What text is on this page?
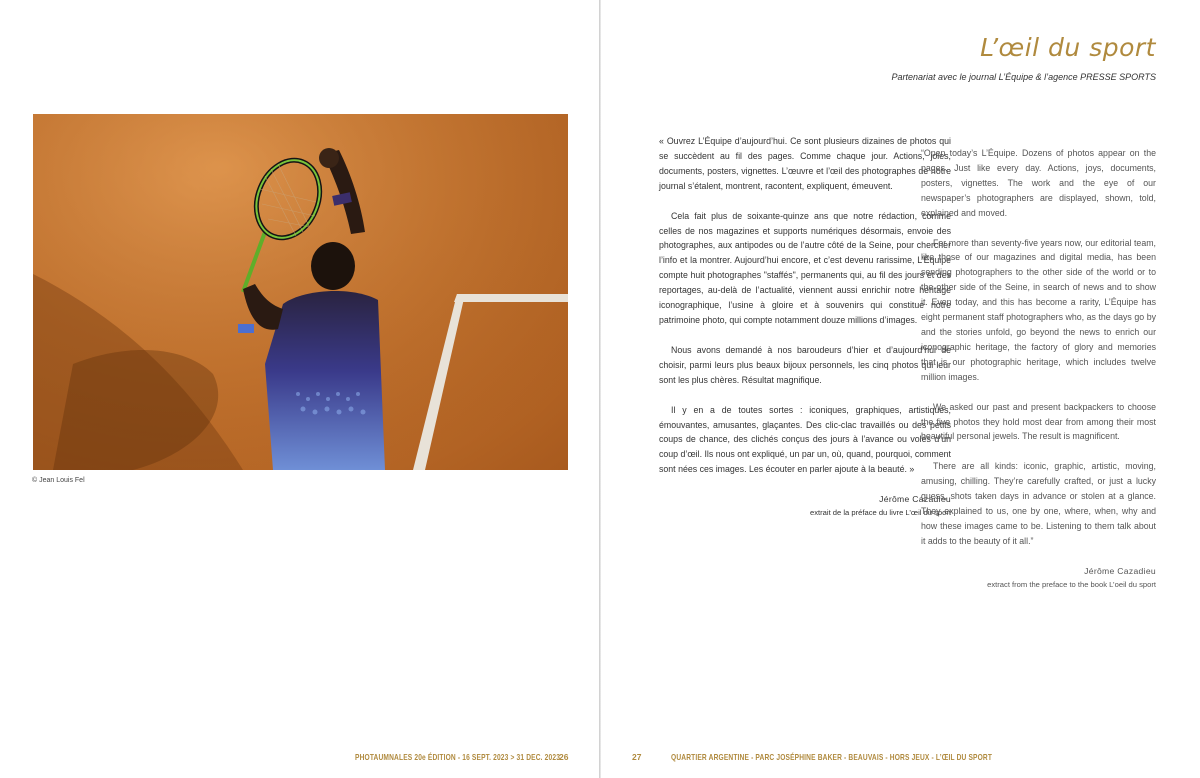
© Jean Louis Fel
PHOTAUMNALES 20e ÉDITION - 16 SEPT. 2023 > 31 DEC. 2023
26
L’œil du sport

Partenariat avec le journal L’Équipe & l’agence PRESSE SPORTS

« Ouvrez L’Équipe d’aujourd’hui. Ce sont plusieurs dizaines de photos qui se succèdent au fil des pages. Comme chaque jour. Actions, joies, documents, posters, vignettes. L’œuvre et l’œil des photographes de notre journal s’étalent, montrent, racontent, expliquent, émeuvent.

Cela fait plus de soixante-quinze ans que notre rédaction, comme celles de nos magazines et supports numériques désormais, envoie des photographes, aux antipodes ou de l’autre côté de la Seine, pour chercher l’info et la montrer. Aujourd’hui encore, et c’est devenu rarissime, L’Équipe compte huit photographes "staffés", permanents qui, au fil des jours et des reportages, au-delà de l’actualité, viennent aussi enrichir notre héritage iconographique, l’usine à gloire et à souvenirs qui constitue notre patrimoine photo, qui compte notamment douze millions d’images.

Nous avons demandé à nos baroudeurs d’hier et d’aujourd’hui de choisir, parmi leurs plus beaux bijoux personnels, les cinq photos qui leur sont les plus chères. Résultat magnifique.

Il y en a de toutes sortes : iconiques, graphiques, artistiques, émouvantes, amusantes, glaçantes. Des clic-clac travaillés ou des petits coups de chance, des clichés conçus des jours à l’avance ou volés d’un coup d’œil. Ils nous ont expliqué, un par un, où, quand, pourquoi, comment sont nées ces images. Les écouter en parler ajoute à la beauté. »

Jérôme Cazadieu
extrait de la préface du livre L’œil du sport

“Open today’s L’Équipe. Dozens of photos appear on the pages. Just like every day. Actions, joys, documents, posters, vignettes. The work and the eye of our newspaper’s photographers are displayed, shown, told, explained and moved.

For more than seventy-five years now, our editorial team, like those of our magazines and digital media, has been sending photographers to the other side of the world or to the other side of the Seine, in search of news and to show it. Even today, and this has become a rarity, L’Équipe has eight permanent staff photographers who, as the days go by and the stories unfold, go beyond the news to enrich our iconographic heritage, the factory of glory and memories that is our photographic heritage, which includes twelve million images.

We asked our past and present backpackers to choose the five photos they hold most dear from among their most beautiful personal jewels. The result is magnificent.

There are all kinds: iconic, graphic, artistic, moving, amusing, chilling. They’re carefully crafted, or just a lucky guess, shots taken days in advance or stolen at a glance. They explained to us, one by one, where, when, why and how these images came to be. Listening to them talk about it adds to the beauty of it all.”

Jérôme Cazadieu
extract from the preface to the book L’oeil du sport
27	QUARTIER ARGENTINE - PARC JOSÉPHINE BAKER - BEAUVAIS - HORS JEUX - L’ŒIL DU SPORT
